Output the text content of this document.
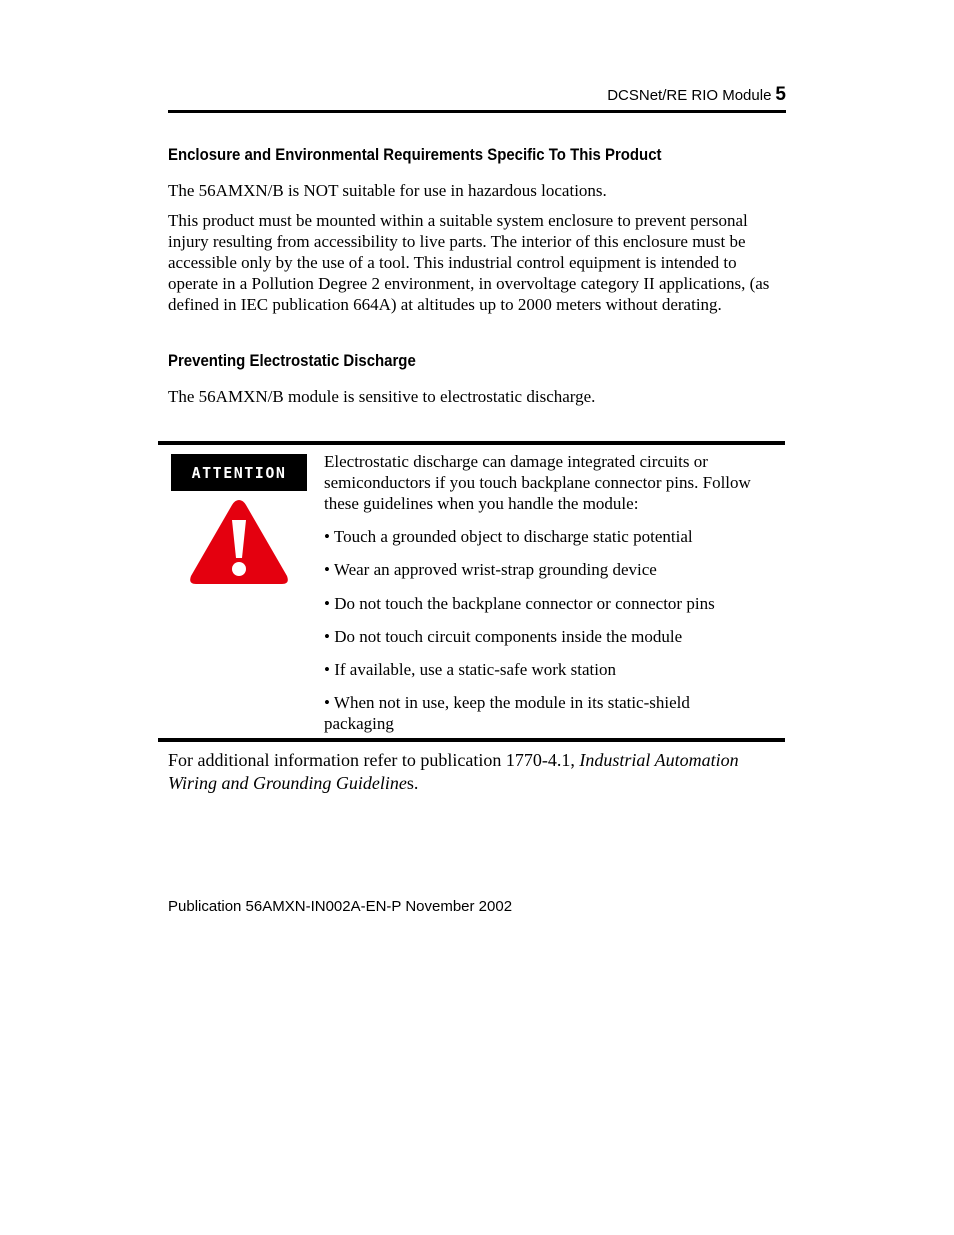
DCSNet/RE RIO Module 5
Enclosure and Environmental Requirements Specific To This Product

The 56AMXN/B is NOT suitable for use in hazardous locations.

This product must be mounted within a suitable system enclosure to prevent personal injury resulting from accessibility to live parts. The interior of this enclosure must be accessible only by the use of a tool. This industrial control equipment is intended to operate in a Pollution Degree 2 environment, in overvoltage category II applications, (as defined in IEC publication 664A) at altitudes up to 2000 meters without derating.

Preventing Electrostatic Discharge

The 56AMXN/B module is sensitive to electrostatic discharge.

ATTENTION

Electrostatic discharge can damage integrated circuits or semiconductors if you touch backplane connector pins. Follow these guidelines when you handle the module:

• Touch a grounded object to discharge static potential

• Wear an approved wrist-strap grounding device

• Do not touch the backplane connector or connector pins

• Do not touch circuit components inside the module

• If available, use a static-safe work station

• When not in use, keep the module in its static-shield packaging

For additional information refer to publication 1770-4.1, Industrial Automation Wiring and Grounding Guidelines.

Publication 56AMXN-IN002A-EN-P November 2002
